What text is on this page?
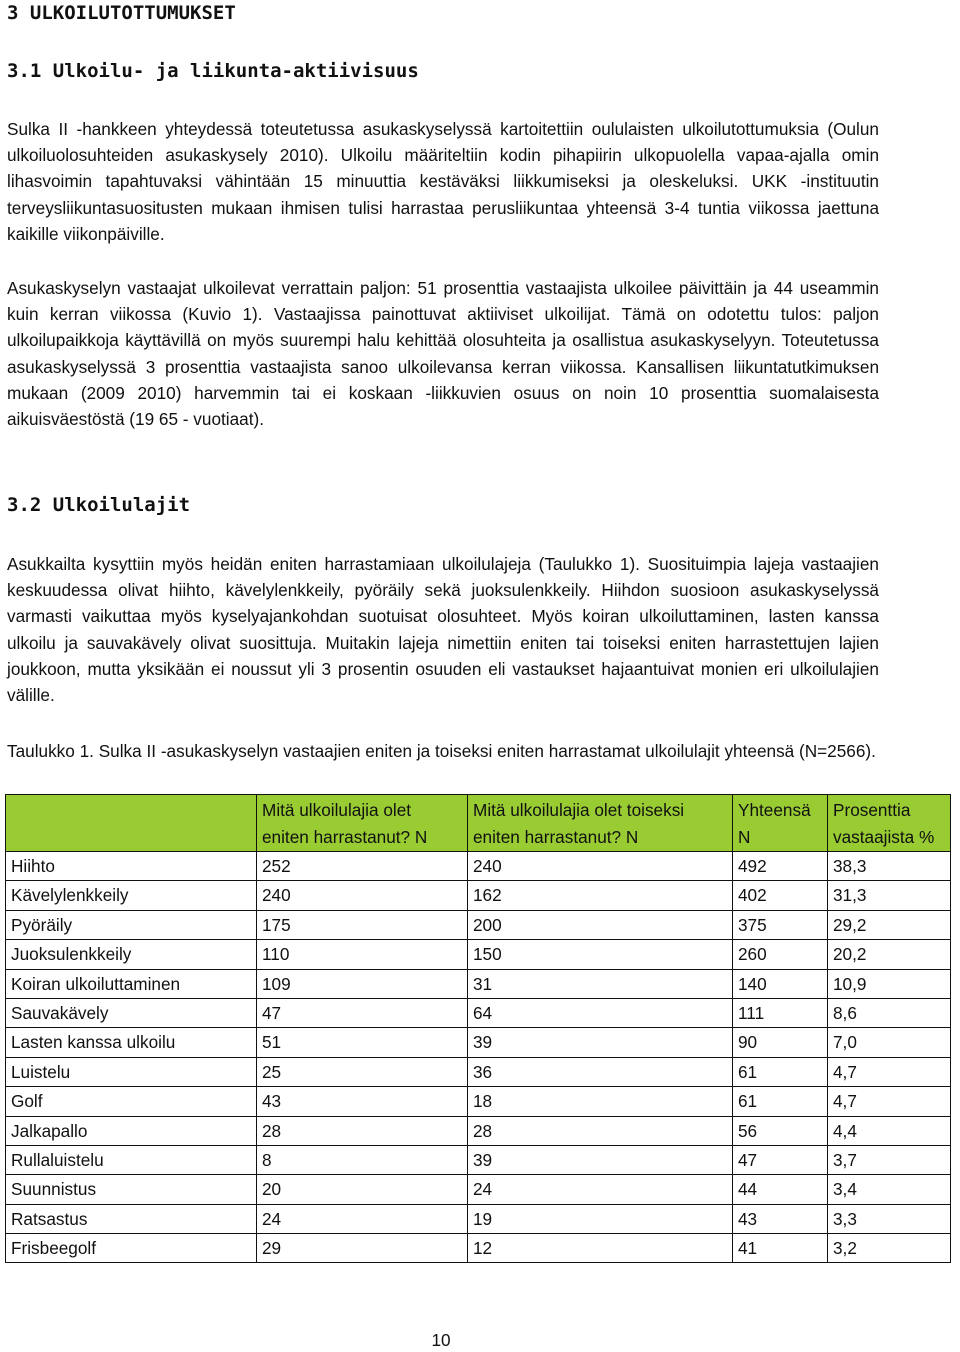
3 ULKOILUTOTTUMUKSET
3.1 Ulkoilu- ja liikunta-aktiivisuus

Sulka II -hankkeen yhteydessä toteutetussa asukaskyselyssä kartoitettiin oululaisten ulkoilutottumuksia (Oulun ulkoiluolosuhteiden asukaskysely 2010). Ulkoilu määriteltiin kodin pihapiirin ulkopuolella vapaa-ajalla omin lihasvoimin tapahtuvaksi vähintään 15 minuuttia kestäväksi liikkumiseksi ja oleskeluksi. UKK -instituutin terveysliikuntasuositusten mukaan ihmisen tulisi harrastaa perusliikuntaa yhteensä 3-4 tuntia viikossa jaettuna kaikille viikonpäiville.

Asukaskyselyn vastaajat ulkoilevat verrattain paljon: 51 prosenttia vastaajista ulkoilee päivittäin ja 44 useammin kuin kerran viikossa (Kuvio 1). Vastaajissa painottuvat aktiiviset ulkoilijat. Tämä on odotettu tulos: paljon ulkoilupaikkoja käyttävillä on myös suurempi halu kehittää olosuhteita ja osallistua asukaskyselyyn. Toteutetussa asukaskyselyssä 3 prosenttia vastaajista sanoo ulkoilevansa kerran viikossa. Kansallisen liikuntatutkimuksen mukaan (2009 2010) harvemmin tai ei koskaan -liikkuvien osuus on noin 10 prosenttia suomalaisesta aikuisväestöstä (19 65 - vuotiaat).

3.2 Ulkoilulajit

Asukkailta kysyttiin myös heidän eniten harrastamiaan ulkoilulajeja (Taulukko 1). Suosituimpia lajeja vastaajien keskuudessa olivat hiihto, kävelylenkkeily, pyöräily sekä juoksulenkkeily. Hiihdon suosioon asukaskyselyssä varmasti vaikuttaa myös kyselyajankohdan suotuisat olosuhteet. Myös koiran ulkoiluttaminen, lasten kanssa ulkoilu ja sauvakävely olivat suosittuja. Muitakin lajeja nimettiin eniten tai toiseksi eniten harrastettujen lajien joukkoon, mutta yksikään ei noussut yli 3 prosentin osuuden eli vastaukset hajaantuivat monien eri ulkoilulajien välille.

Taulukko 1. Sulka II -asukaskyselyn vastaajien eniten ja toiseksi eniten harrastamat ulkoilulajit yhteensä (N=2566).

	Mitä ulkoilulajia olet eniten harrastanut? N	Mitä ulkoilulajia olet toiseksi eniten harrastanut? N	Yhteensä N	Prosenttia vastaajista %
Hiihto	252	240	492	38,3
Kävelylenkkeily	240	162	402	31,3
Pyöräily	175	200	375	29,2
Juoksulenkkeily	110	150	260	20,2
Koiran ulkoiluttaminen	109	31	140	10,9
Sauvakävely	47	64	111	8,6
Lasten kanssa ulkoilu	51	39	90	7,0
Luistelu	25	36	61	4,7
Golf	43	18	61	4,7
Jalkapallo	28	28	56	4,4
Rullaluistelu	8	39	47	3,7
Suunnistus	20	24	44	3,4
Ratsastus	24	19	43	3,3
Frisbeegolf	29	12	41	3,2
10
